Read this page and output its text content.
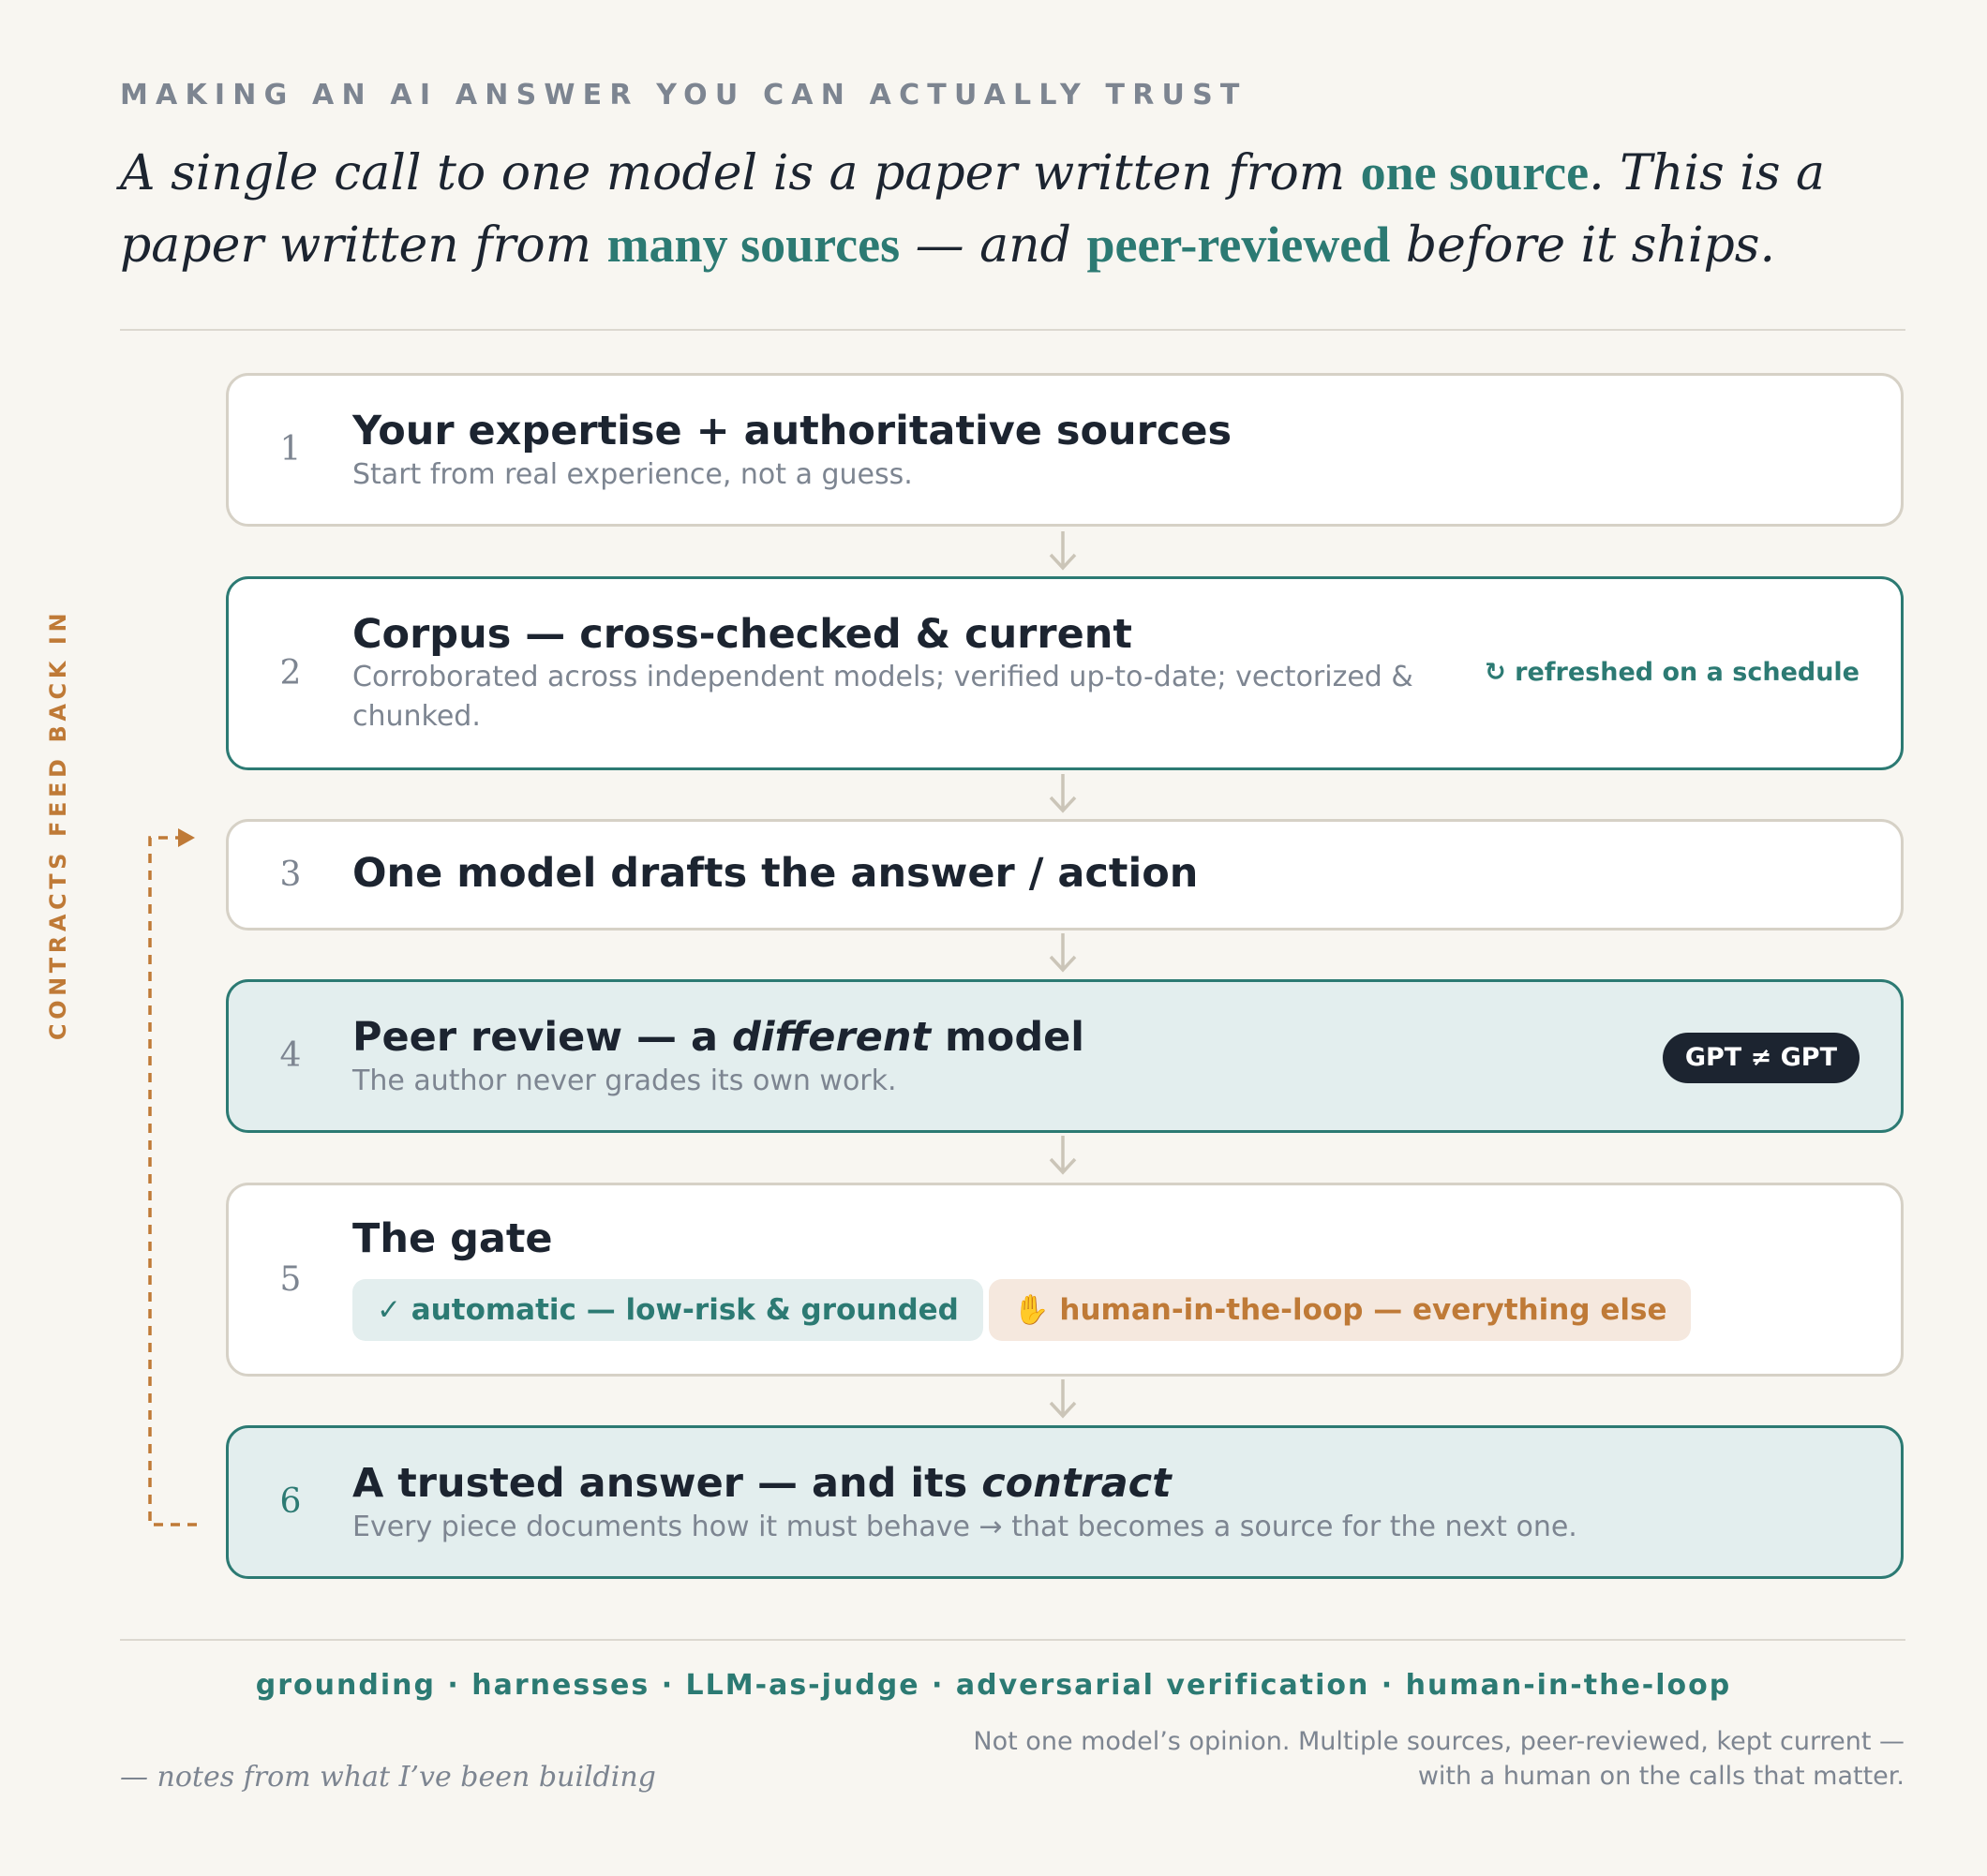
MAKING AN AI ANSWER YOU CAN ACTUALLY TRUST
A single call to one model is a paper written from one source. This is a paper written from many sources — and peer-reviewed before it ships.
CONTRACTS FEED BACK IN
1 Your expertise + authoritative sources
Start from real experience, not a guess.
2
Corpus — cross-checked & current
Corroborated across independent models; verified up-to-date; vectorized & chunked.
↻ refreshed on a schedule
3 One model drafts the answer / action
4 Peer review — a different model
The author never grades its own work.
GPT ≠ GPT
5
The gate
✓ automatic — low-risk & grounded	✋ human-in-the-loop — everything else
6 A trusted answer — and its contract
Every piece documents how it must behave → that becomes a source for the next one.
grounding · harnesses · LLM-as-judge · adversarial verification · human-in-the-loop
— notes from what I’ve been building
Not one model’s opinion. Multiple sources, peer-reviewed, kept current — with a human on the calls that matter.
